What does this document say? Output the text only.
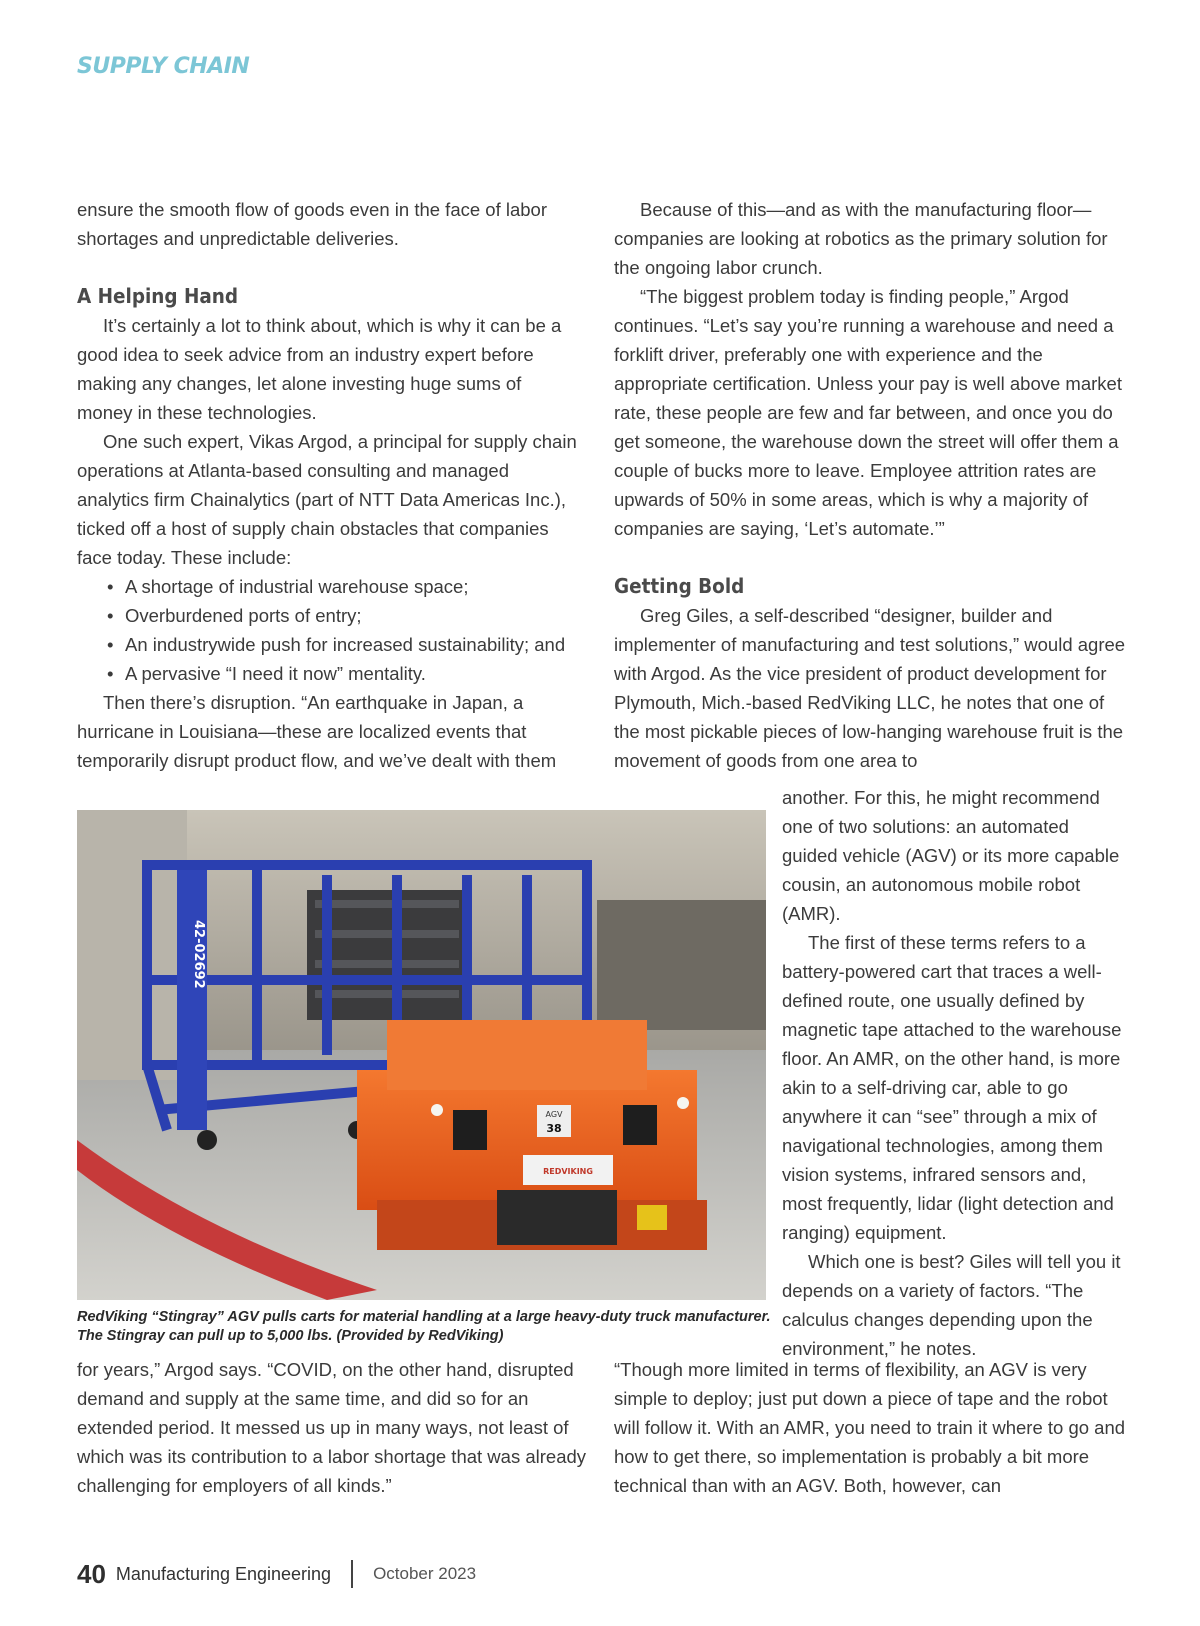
SUPPLY CHAIN

ensure the smooth flow of goods even in the face of labor shortages and unpredictable deliveries.

A Helping Hand

It’s certainly a lot to think about, which is why it can be a good idea to seek advice from an industry expert before making any changes, let alone investing huge sums of money in these technologies.

One such expert, Vikas Argod, a principal for supply chain operations at Atlanta-based consulting and managed analytics firm Chainalytics (part of NTT Data Americas Inc.), ticked off a host of supply chain obstacles that companies face today. These include:

• A shortage of industrial warehouse space;
• Overburdened ports of entry;
• An industrywide push for increased sustainability; and
• A pervasive “I need it now” mentality.

Then there’s disruption. “An earthquake in Japan, a hurricane in Louisiana—these are localized events that temporarily disrupt product flow, and we’ve dealt with them

Because of this—and as with the manufacturing floor—companies are looking at robotics as the primary solution for the ongoing labor crunch.

“The biggest problem today is finding people,” Argod continues. “Let’s say you’re running a warehouse and need a forklift driver, preferably one with experience and the appropriate certification. Unless your pay is well above market rate, these people are few and far between, and once you do get someone, the warehouse down the street will offer them a couple of bucks more to leave. Employee attrition rates are upwards of 50% in some areas, which is why a majority of companies are saying, ‘Let’s automate.’”

Getting Bold

Greg Giles, a self-described “designer, builder and implementer of manufacturing and test solutions,” would agree with Argod. As the vice president of product development for Plymouth, Mich.-based RedViking LLC, he notes that one of the most pickable pieces of low-hanging warehouse fruit is the movement of goods from one area to

another. For this, he might recommend one of two solutions: an automated guided vehicle (AGV) or its more capable cousin, an autonomous mobile robot (AMR).

The first of these terms refers to a battery-powered cart that traces a well-defined route, one usually defined by magnetic tape attached to the warehouse floor. An AMR, on the other hand, is more akin to a self-driving car, able to go anywhere it can “see” through a mix of navigational technologies, among them vision systems, infrared sensors and, most frequently, lidar (light detection and ranging) equipment.

Which one is best? Giles will tell you it depends on a variety of factors. “The calculus changes depending upon the environment,” he notes.

42-02692
AGV
38
REDVIKING
RedViking “Stingray” AGV pulls carts for material handling at a large heavy-duty truck manufacturer. The Stingray can pull up to 5,000 lbs. (Provided by RedViking)

for years,” Argod says. “COVID, on the other hand, disrupted demand and supply at the same time, and did so for an extended period. It messed us up in many ways, not least of which was its contribution to a labor shortage that was already challenging for employers of all kinds.”

“Though more limited in terms of flexibility, an AGV is very simple to deploy; just put down a piece of tape and the robot will follow it. With an AMR, you need to train it where to go and how to get there, so implementation is probably a bit more technical than with an AGV. Both, however, can

40 Manufacturing Engineering October 2023
